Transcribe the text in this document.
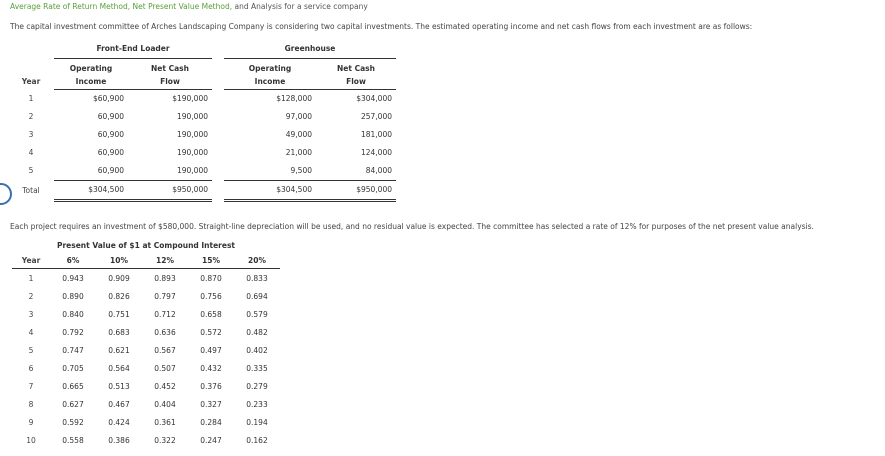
Average Rate of Return Method, Net Present Value Method, and Analysis for a service company
The capital investment committee of Arches Landscaping Company is considering two capital investments. The estimated operating income and net cash flows from each investment are as follows:
	Front-End Loader			Greenhouse	
	Operating	Net Cash		Operating	Net Cash
Year	Income	Flow		Income	Flow
1	$60,900	$190,000		$128,000	$304,000
2	60,900	190,000		97,000	257,000
3	60,900	190,000		49,000	181,000
4	60,900	190,000		21,000	124,000
5	60,900	190,000		9,500	84,000
Total	$304,500	$950,000		$304,500	$950,000
Each project requires an investment of $580,000. Straight-line depreciation will be used, and no residual value is expected. The committee has selected a rate of 12% for purposes of the net present value analysis.
Present Value of $1 at Compound Interest					
Year	6%	10%	12%	15%	20%
1	0.943	0.909	0.893	0.870	0.833
2	0.890	0.826	0.797	0.756	0.694
3	0.840	0.751	0.712	0.658	0.579
4	0.792	0.683	0.636	0.572	0.482
5	0.747	0.621	0.567	0.497	0.402
6	0.705	0.564	0.507	0.432	0.335
7	0.665	0.513	0.452	0.376	0.279
8	0.627	0.467	0.404	0.327	0.233
9	0.592	0.424	0.361	0.284	0.194
10	0.558	0.386	0.322	0.247	0.162
